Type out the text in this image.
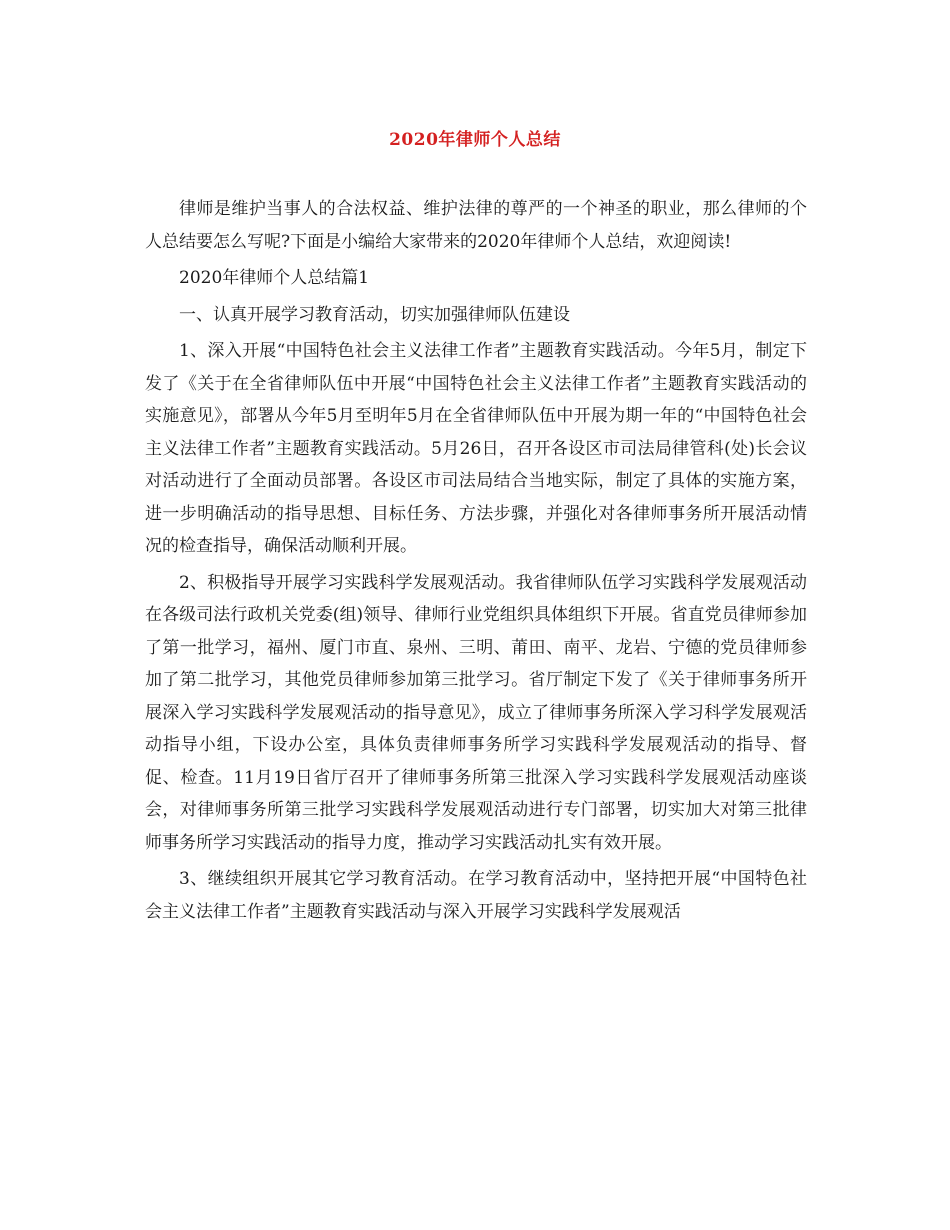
2020年律师个人总结

律师是维护当事人的合法权益、维护法律的尊严的一个神圣的职业，那么律师的个人总结要怎么写呢?下面是小编给大家带来的2020年律师个人总结，欢迎阅读!

2020年律师个人总结篇1

一、认真开展学习教育活动，切实加强律师队伍建设

1、深入开展“中国特色社会主义法律工作者”主题教育实践活动。今年5月，制定下发了《关于在全省律师队伍中开展“中国特色社会主义法律工作者”主题教育实践活动的实施意见》，部署从今年5月至明年5月在全省律师队伍中开展为期一年的“中国特色社会主义法律工作者”主题教育实践活动。5月26日，召开各设区市司法局律管科(处)长会议对活动进行了全面动员部署。各设区市司法局结合当地实际，制定了具体的实施方案，进一步明确活动的指导思想、目标任务、方法步骤，并强化对各律师事务所开展活动情况的检查指导，确保活动顺利开展。

2、积极指导开展学习实践科学发展观活动。我省律师队伍学习实践科学发展观活动在各级司法行政机关党委(组)领导、律师行业党组织具体组织下开展。省直党员律师参加了第一批学习，福州、厦门市直、泉州、三明、莆田、南平、龙岩、宁德的党员律师参加了第二批学习，其他党员律师参加第三批学习。省厅制定下发了《关于律师事务所开展深入学习实践科学发展观活动的指导意见》，成立了律师事务所深入学习科学发展观活动指导小组，下设办公室，具体负责律师事务所学习实践科学发展观活动的指导、督促、检查。11月19日省厅召开了律师事务所第三批深入学习实践科学发展观活动座谈会，对律师事务所第三批学习实践科学发展观活动进行专门部署，切实加大对第三批律师事务所学习实践活动的指导力度，推动学习实践活动扎实有效开展。

3、继续组织开展其它学习教育活动。在学习教育活动中，坚持把开展“中国特色社会主义法律工作者”主题教育实践活动与深入开展学习实践科学发展观活
